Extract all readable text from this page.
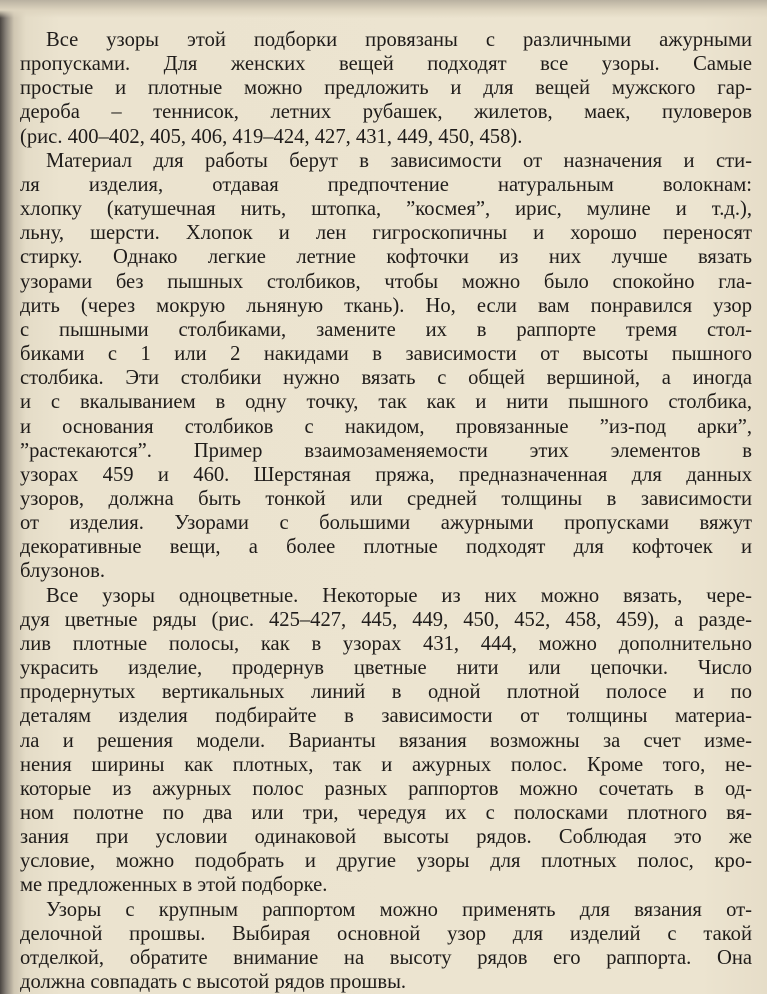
Все узоры этой подборки провязаны с различными ажурными
пропусками. Для женских вещей подходят все узоры. Самые
простые и плотные можно предложить и для вещей мужского гар-
дероба – теннисок, летних рубашек, жилетов, маек, пуловеров
(рис. 400–402, 405, 406, 419–424, 427, 431, 449, 450, 458).
Материал для работы берут в зависимости от назначения и сти-
ля изделия, отдавая предпочтение натуральным волокнам:
хлопку (катушечная нить, штопка, ”космея”, ирис, мулине и т.д.),
льну, шерсти. Хлопок и лен гигроскопичны и хорошо переносят
стирку. Однако легкие летние кофточки из них лучше вязать
узорами без пышных столбиков, чтобы можно было спокойно гла-
дить (через мокрую льняную ткань). Но, если вам понравился узор
с пышными столбиками, замените их в раппорте тремя стол-
биками с 1 или 2 накидами в зависимости от высоты пышного
столбика. Эти столбики нужно вязать с общей вершиной, а иногда
и с вкалыванием в одну точку, так как и нити пышного столбика,
и основания столбиков с накидом, провязанные ”из-под арки”,
”растекаются”. Пример взаимозаменяемости этих элементов в
узорах 459 и 460. Шерстяная пряжа, предназначенная для данных
узоров, должна быть тонкой или средней толщины в зависимости
от изделия. Узорами с большими ажурными пропусками вяжут
декоративные вещи, а более плотные подходят для кофточек и
блузонов.
Все узоры одноцветные. Некоторые из них можно вязать, чере-
дуя цветные ряды (рис. 425–427, 445, 449, 450, 452, 458, 459), а разде-
лив плотные полосы, как в узорах 431, 444, можно дополнительно
украсить изделие, продернув цветные нити или цепочки. Число
продернутых вертикальных линий в одной плотной полосе и по
деталям изделия подбирайте в зависимости от толщины материа-
ла и решения модели. Варианты вязания возможны за счет изме-
нения ширины как плотных, так и ажурных полос. Кроме того, не-
которые из ажурных полос разных раппортов можно сочетать в од-
ном полотне по два или три, чередуя их с полосками плотного вя-
зания при условии одинаковой высоты рядов. Соблюдая это же
условие, можно подобрать и другие узоры для плотных полос, кро-
ме предложенных в этой подборке.
Узоры с крупным раппортом можно применять для вязания от-
делочной прошвы. Выбирая основной узор для изделий с такой
отделкой, обратите внимание на высоту рядов его раппорта. Она
должна совпадать с высотой рядов прошвы.
